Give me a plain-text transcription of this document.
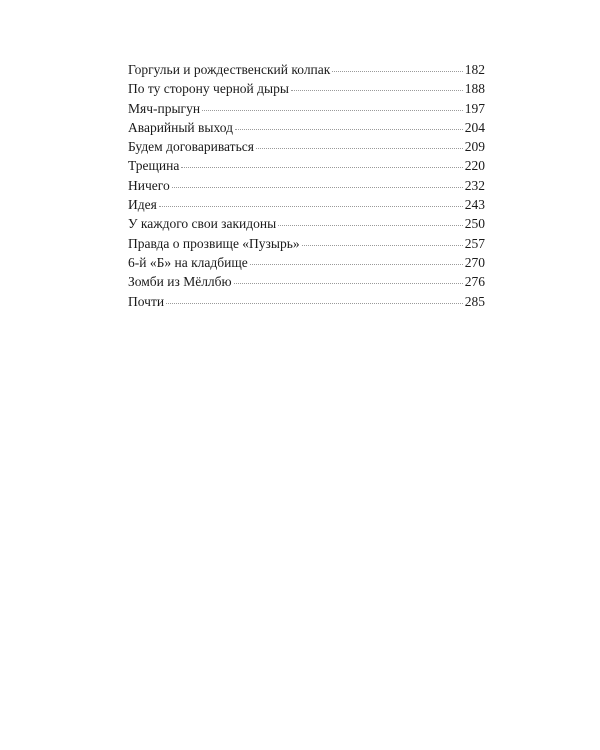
Горгульи и рождественский колпак	182
По ту сторону черной дыры	188
Мяч-прыгун	197
Аварийный выход	204
Будем договариваться	209
Трещина	220
Ничего	232
Идея	243
У каждого свои закидоны	250
Правда о прозвище «Пузырь»	257
6-й «Б» на кладбище	270
Зомби из Мёллбю	276
Почти	285
